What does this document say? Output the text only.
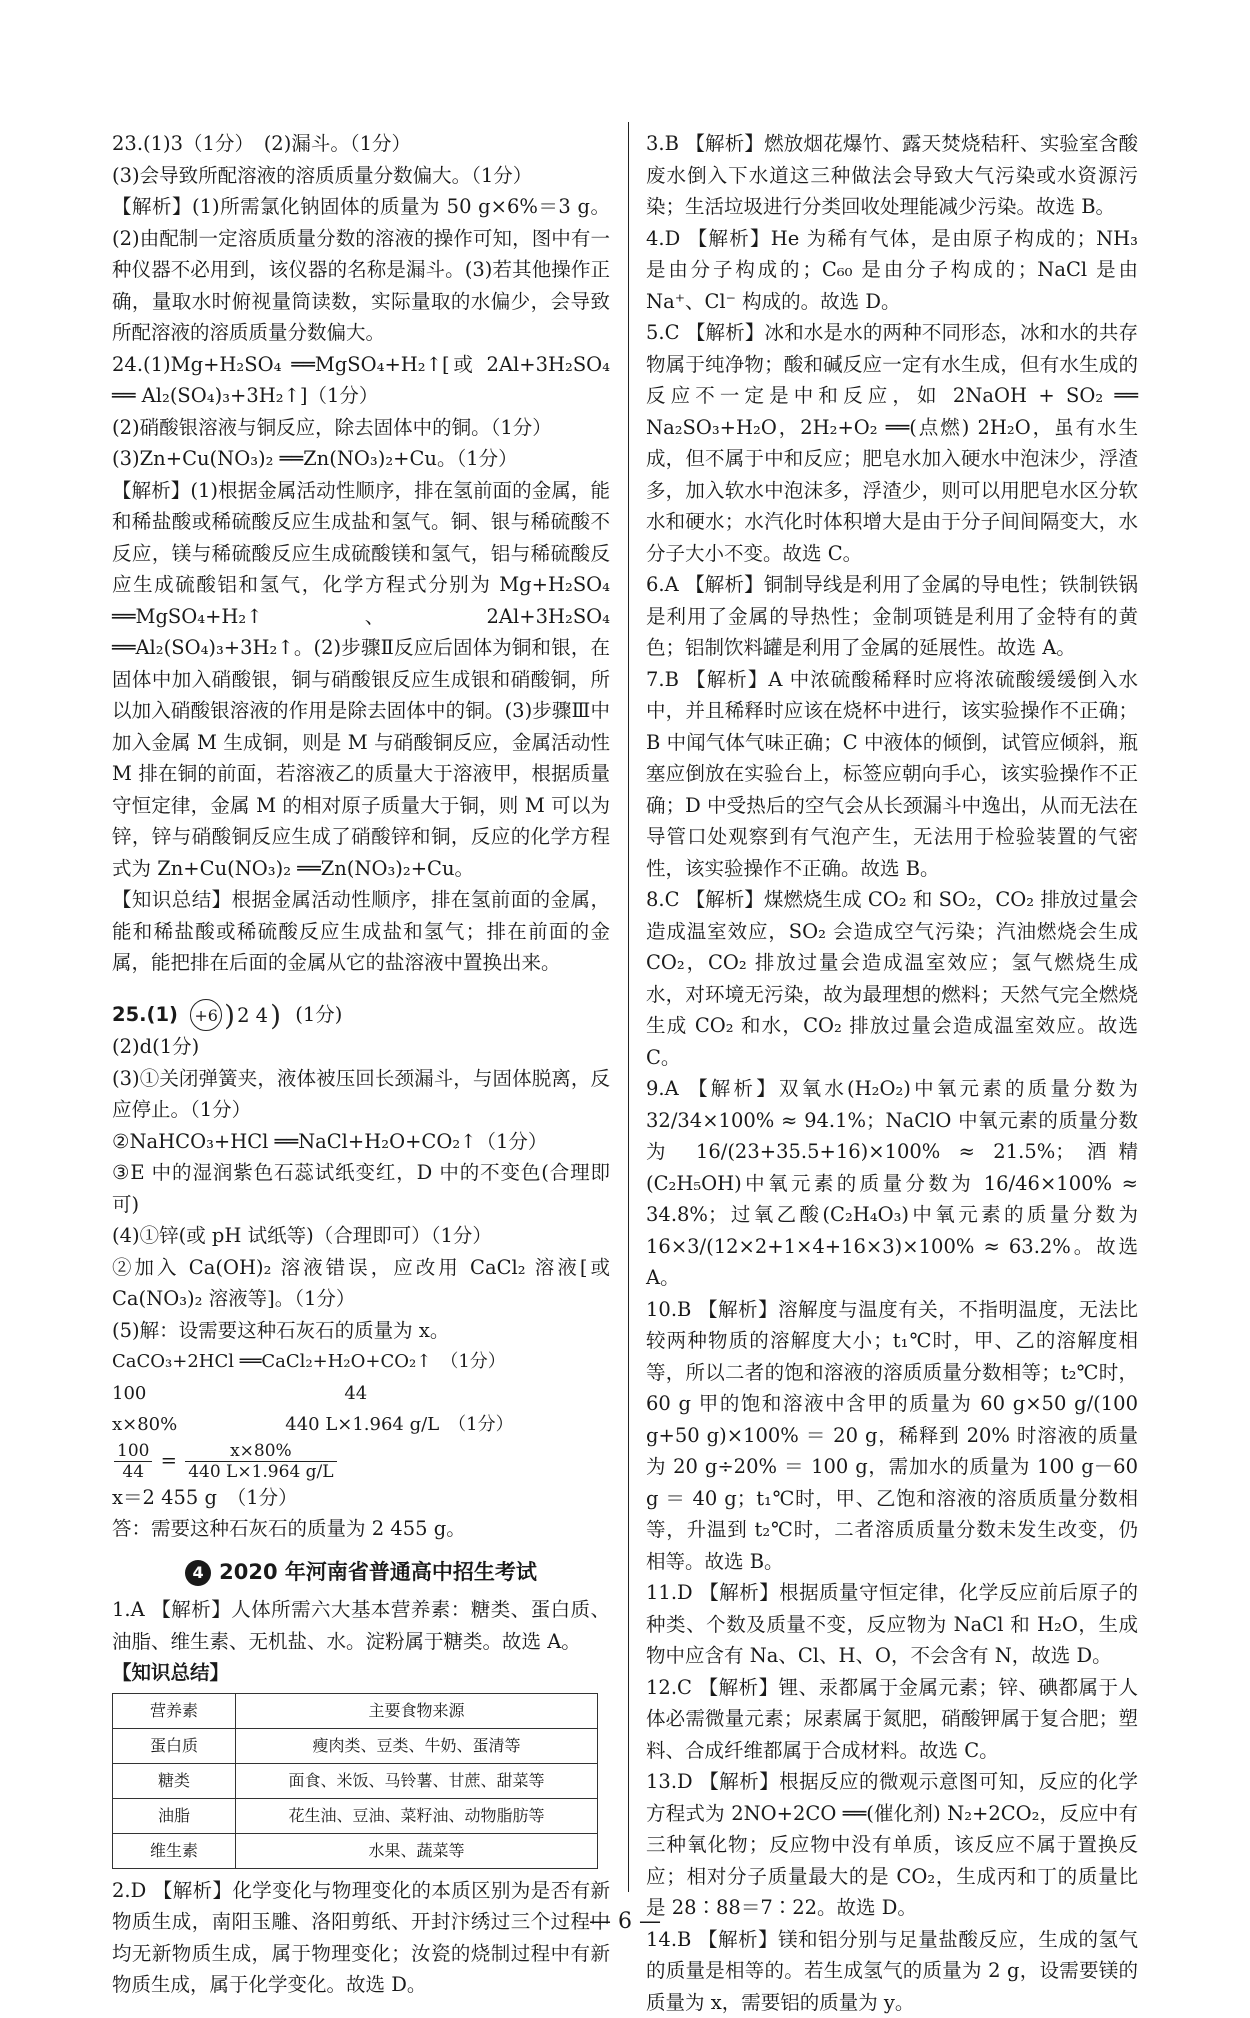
23.(1)3（1分）　(2)漏斗。（1分）

(3)会导致所配溶液的溶质质量分数偏大。（1分）

【解析】(1)所需氯化钠固体的质量为 50 g×6%＝3 g。(2)由配制一定溶质质量分数的溶液的操作可知，图中有一种仪器不必用到，该仪器的名称是漏斗。(3)若其他操作正确，量取水时俯视量筒读数，实际量取的水偏少，会导致所配溶液的溶质质量分数偏大。

24.(1)Mg+H₂SO₄ ══MgSO₄+H₂↑[或 2Al+3H₂SO₄ ══ Al₂(SO₄)₃+3H₂↑]（1分）

(2)硝酸银溶液与铜反应，除去固体中的铜。（1分）

(3)Zn+Cu(NO₃)₂ ══Zn(NO₃)₂+Cu。（1分）

【解析】(1)根据金属活动性顺序，排在氢前面的金属，能和稀盐酸或稀硫酸反应生成盐和氢气。铜、银与稀硫酸不反应，镁与稀硫酸反应生成硫酸镁和氢气，铝与稀硫酸反应生成硫酸铝和氢气，化学方程式分别为 Mg+H₂SO₄ ══MgSO₄+H₂↑、2Al+3H₂SO₄ ══Al₂(SO₄)₃+3H₂↑。(2)步骤Ⅱ反应后固体为铜和银，在固体中加入硝酸银，铜与硝酸银反应生成银和硝酸铜，所以加入硝酸银溶液的作用是除去固体中的铜。(3)步骤Ⅲ中加入金属 M 生成铜，则是 M 与硝酸铜反应，金属活动性 M 排在铜的前面，若溶液乙的质量大于溶液甲，根据质量守恒定律，金属 M 的相对原子质量大于铜，则 M 可以为锌，锌与硝酸铜反应生成了硝酸锌和铜，反应的化学方程式为 Zn+Cu(NO₃)₂ ══Zn(NO₃)₂+Cu。

【知识总结】根据金属活动性顺序，排在氢前面的金属，能和稀盐酸或稀硫酸反应生成盐和氢气；排在前面的金属，能把排在后面的金属从它的盐溶液中置换出来。

25.(1) +6 ) 2 4 ) (1分)

(2)d(1分)

(3)①关闭弹簧夹，液体被压回长颈漏斗，与固体脱离，反应停止。（1分）

②NaHCO₃+HCl ══NaCl+H₂O+CO₂↑（1分）

③E 中的湿润紫色石蕊试纸变红，D 中的不变色(合理即可)

(4)①锌(或 pH 试纸等)（合理即可）（1分）

②加入 Ca(OH)₂ 溶液错误，应改用 CaCl₂ 溶液[或 Ca(NO₃)₂ 溶液等]。（1分）

(5)解：设需要这种石灰石的质量为 x。

CaCO₃+2HCl ══CaCl₂+H₂O+CO₂↑　（1分）

100　　　　　　　　　　　44

x×80%　　　　　　440 L×1.964 g/L　（1分）

$\frac{100}{44} = \frac{x\times 80\%}{440 L\times 1.964 g/L}$

x＝2 455 g　（1分）

答：需要这种石灰石的质量为 2 455 g。

4 2020 年河南省普通高中招生考试

1.A 【解析】人体所需六大基本营养素：糖类、蛋白质、油脂、维生素、无机盐、水。淀粉属于糖类。故选 A。

【知识总结】

营养素	主要食物来源
蛋白质	瘦肉类、豆类、牛奶、蛋清等
糖类	面食、米饭、马铃薯、甘蔗、甜菜等
油脂	花生油、豆油、菜籽油、动物脂肪等
维生素	水果、蔬菜等

2.D 【解析】化学变化与物理变化的本质区别为是否有新物质生成，南阳玉雕、洛阳剪纸、开封汴绣过三个过程中均无新物质生成，属于物理变化；汝瓷的烧制过程中有新物质生成，属于化学变化。故选 D。

3.B 【解析】燃放烟花爆竹、露天焚烧秸秆、实验室含酸废水倒入下水道这三种做法会导致大气污染或水资源污染；生活垃圾进行分类回收处理能减少污染。故选 B。

4.D 【解析】He 为稀有气体，是由原子构成的；NH₃ 是由分子构成的；C₆₀ 是由分子构成的；NaCl 是由 Na⁺、Cl⁻ 构成的。故选 D。

5.C 【解析】冰和水是水的两种不同形态，冰和水的共存物属于纯净物；酸和碱反应一定有水生成，但有水生成的反应不一定是中和反应，如 2NaOH + SO₂ ══ Na₂SO₃+H₂O，2H₂+O₂ ══(点燃) 2H₂O，虽有水生成，但不属于中和反应；肥皂水加入硬水中泡沫少，浮渣多，加入软水中泡沫多，浮渣少，则可以用肥皂水区分软水和硬水；水汽化时体积增大是由于分子间间隔变大，水分子大小不变。故选 C。

6.A 【解析】铜制导线是利用了金属的导电性；铁制铁锅是利用了金属的导热性；金制项链是利用了金特有的黄色；铝制饮料罐是利用了金属的延展性。故选 A。

7.B 【解析】A 中浓硫酸稀释时应将浓硫酸缓缓倒入水中，并且稀释时应该在烧杯中进行，该实验操作不正确；B 中闻气体气味正确；C 中液体的倾倒，试管应倾斜，瓶塞应倒放在实验台上，标签应朝向手心，该实验操作不正确；D 中受热后的空气会从长颈漏斗中逸出，从而无法在导管口处观察到有气泡产生，无法用于检验装置的气密性，该实验操作不正确。故选 B。

8.C 【解析】煤燃烧生成 CO₂ 和 SO₂，CO₂ 排放过量会造成温室效应，SO₂ 会造成空气污染；汽油燃烧会生成 CO₂，CO₂ 排放过量会造成温室效应；氢气燃烧生成水，对环境无污染，故为最理想的燃料；天然气完全燃烧生成 CO₂ 和水，CO₂ 排放过量会造成温室效应。故选 C。

9.A 【解析】双氧水(H₂O₂)中氧元素的质量分数为 32/34×100% ≈ 94.1%；NaClO 中氧元素的质量分数为 16/(23+35.5+16)×100% ≈ 21.5%；酒精(C₂H₅OH)中氧元素的质量分数为 16/46×100% ≈ 34.8%；过氧乙酸(C₂H₄O₃)中氧元素的质量分数为 16×3/(12×2+1×4+16×3)×100% ≈ 63.2%。故选 A。

10.B 【解析】溶解度与温度有关，不指明温度，无法比较两种物质的溶解度大小；t₁℃时，甲、乙的溶解度相等，所以二者的饱和溶液的溶质质量分数相等；t₂℃时，60 g 甲的饱和溶液中含甲的质量为 60 g×50 g/(100 g+50 g)×100% ＝ 20 g，稀释到 20% 时溶液的质量为 20 g÷20% ＝ 100 g，需加水的质量为 100 g－60 g ＝ 40 g；t₁℃时，甲、乙饱和溶液的溶质质量分数相等，升温到 t₂℃时，二者溶质质量分数未发生改变，仍相等。故选 B。

11.D 【解析】根据质量守恒定律，化学反应前后原子的种类、个数及质量不变，反应物为 NaCl 和 H₂O，生成物中应含有 Na、Cl、H、O，不会含有 N，故选 D。

12.C 【解析】锂、汞都属于金属元素；锌、碘都属于人体必需微量元素；尿素属于氮肥，硝酸钾属于复合肥；塑料、合成纤维都属于合成材料。故选 C。

13.D 【解析】根据反应的微观示意图可知，反应的化学方程式为 2NO+2CO ══(催化剂) N₂+2CO₂，反应中有三种氧化物；反应物中没有单质，该反应不属于置换反应；相对分子质量最大的是 CO₂，生成丙和丁的质量比是 28∶88＝7∶22。故选 D。

14.B 【解析】镁和铝分别与足量盐酸反应，生成的氢气的质量是相等的。若生成氢气的质量为 2 g，设需要镁的质量为 x，需要铝的质量为 y。

— 6 —
